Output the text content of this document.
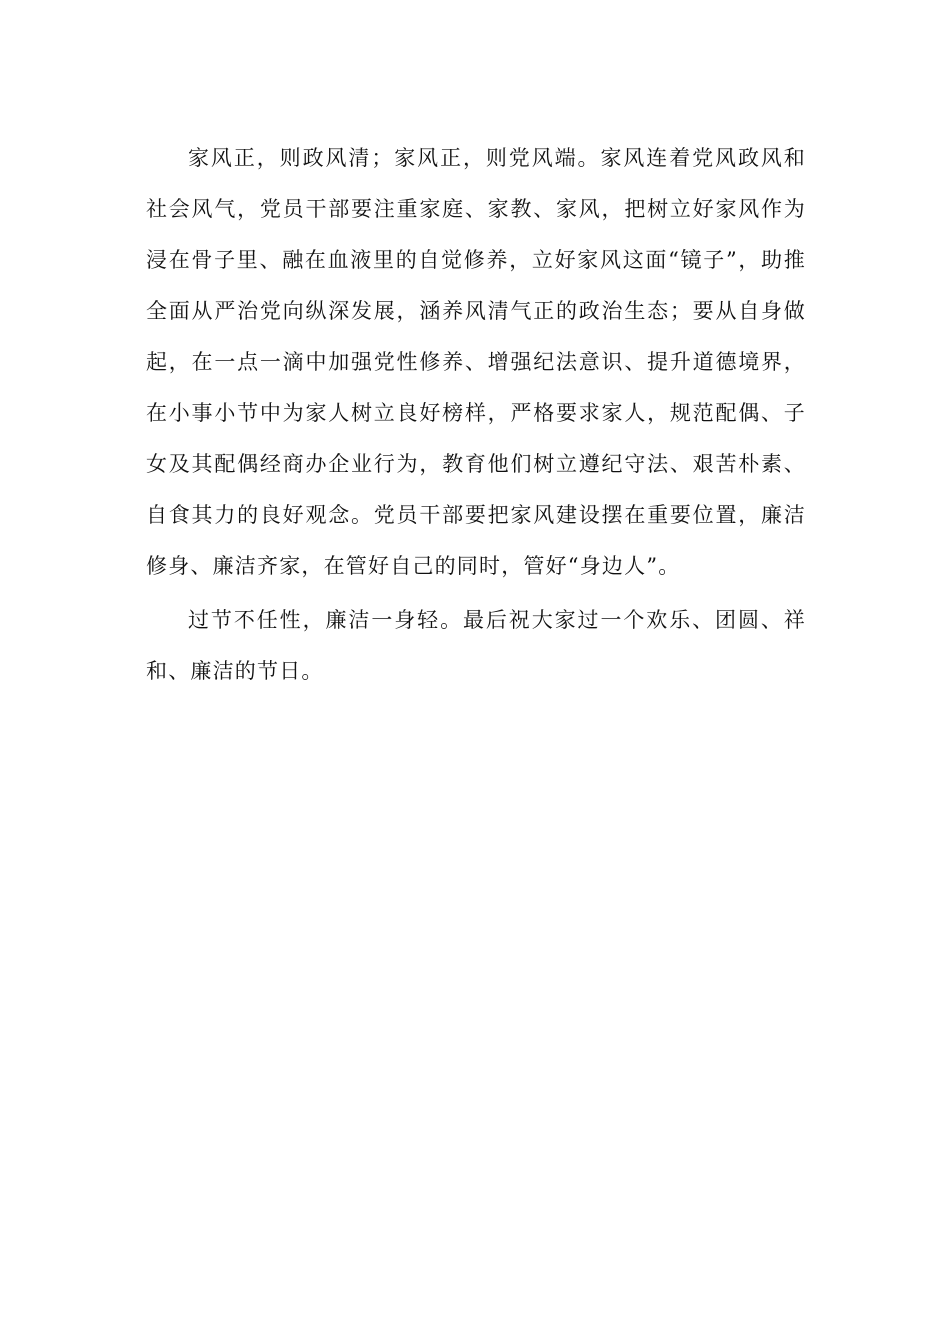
家风正，则政风清；家风正，则党风端。家风连着党风政风和社会风气，党员干部要注重家庭、家教、家风，把树立好家风作为浸在骨子里、融在血液里的自觉修养，立好家风这面“镜子”，助推全面从严治党向纵深发展，涵养风清气正的政治生态；要从自身做起，在一点一滴中加强党性修养、增强纪法意识、提升道德境界，在小事小节中为家人树立良好榜样，严格要求家人，规范配偶、子女及其配偶经商办企业行为，教育他们树立遵纪守法、艰苦朴素、自食其力的良好观念。党员干部要把家风建设摆在重要位置，廉洁修身、廉洁齐家，在管好自己的同时，管好“身边人”。

过节不任性，廉洁一身轻。最后祝大家过一个欢乐、团圆、祥和、廉洁的节日。
